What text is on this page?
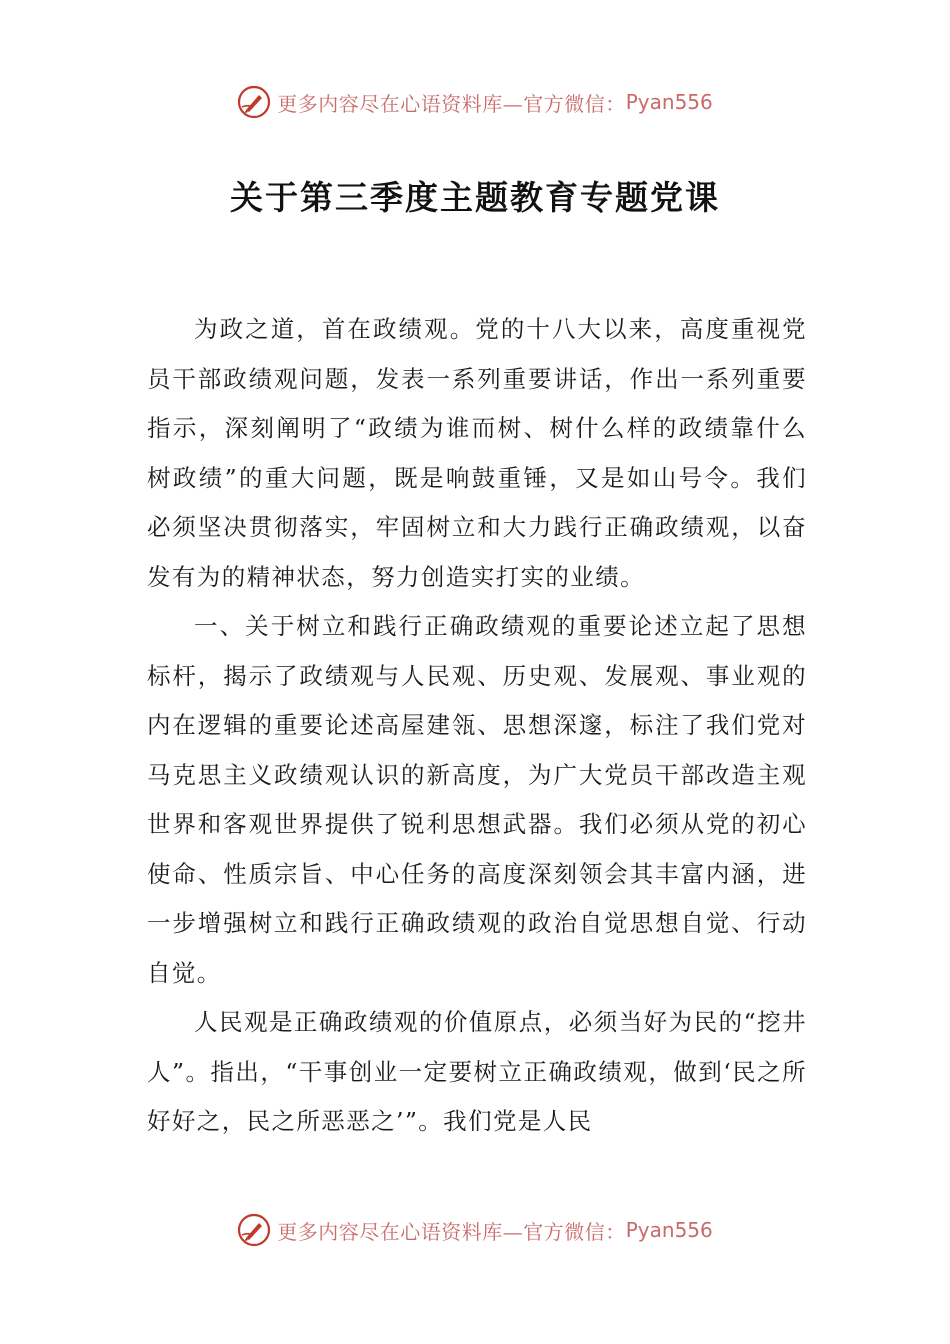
更多内容尽在心语资料库—官方微信： Pyan556
关于第三季度主题教育专题党课

为政之道，首在政绩观。党的十八大以来，高度重视党员干部政绩观问题，发表一系列重要讲话，作出一系列重要指示，深刻阐明了“政绩为谁而树、树什么样的政绩靠什么树政绩”的重大问题，既是响鼓重锤，又是如山号令。我们必须坚决贯彻落实，牢固树立和大力践行正确政绩观，以奋发有为的精神状态，努力创造实打实的业绩。

一、关于树立和践行正确政绩观的重要论述立起了思想标杆，揭示了政绩观与人民观、历史观、发展观、事业观的内在逻辑的重要论述高屋建瓴、思想深邃，标注了我们党对马克思主义政绩观认识的新高度，为广大党员干部改造主观世界和客观世界提供了锐利思想武器。我们必须从党的初心使命、性质宗旨、中心任务的高度深刻领会其丰富内涵，进一步增强树立和践行正确政绩观的政治自觉思想自觉、行动自觉。

人民观是正确政绩观的价值原点，必须当好为民的“挖井人”。指出，“干事创业一定要树立正确政绩观，做到‘民之所好好之，民之所恶恶之’”。我们党是人民

更多内容尽在心语资料库—官方微信： Pyan556
